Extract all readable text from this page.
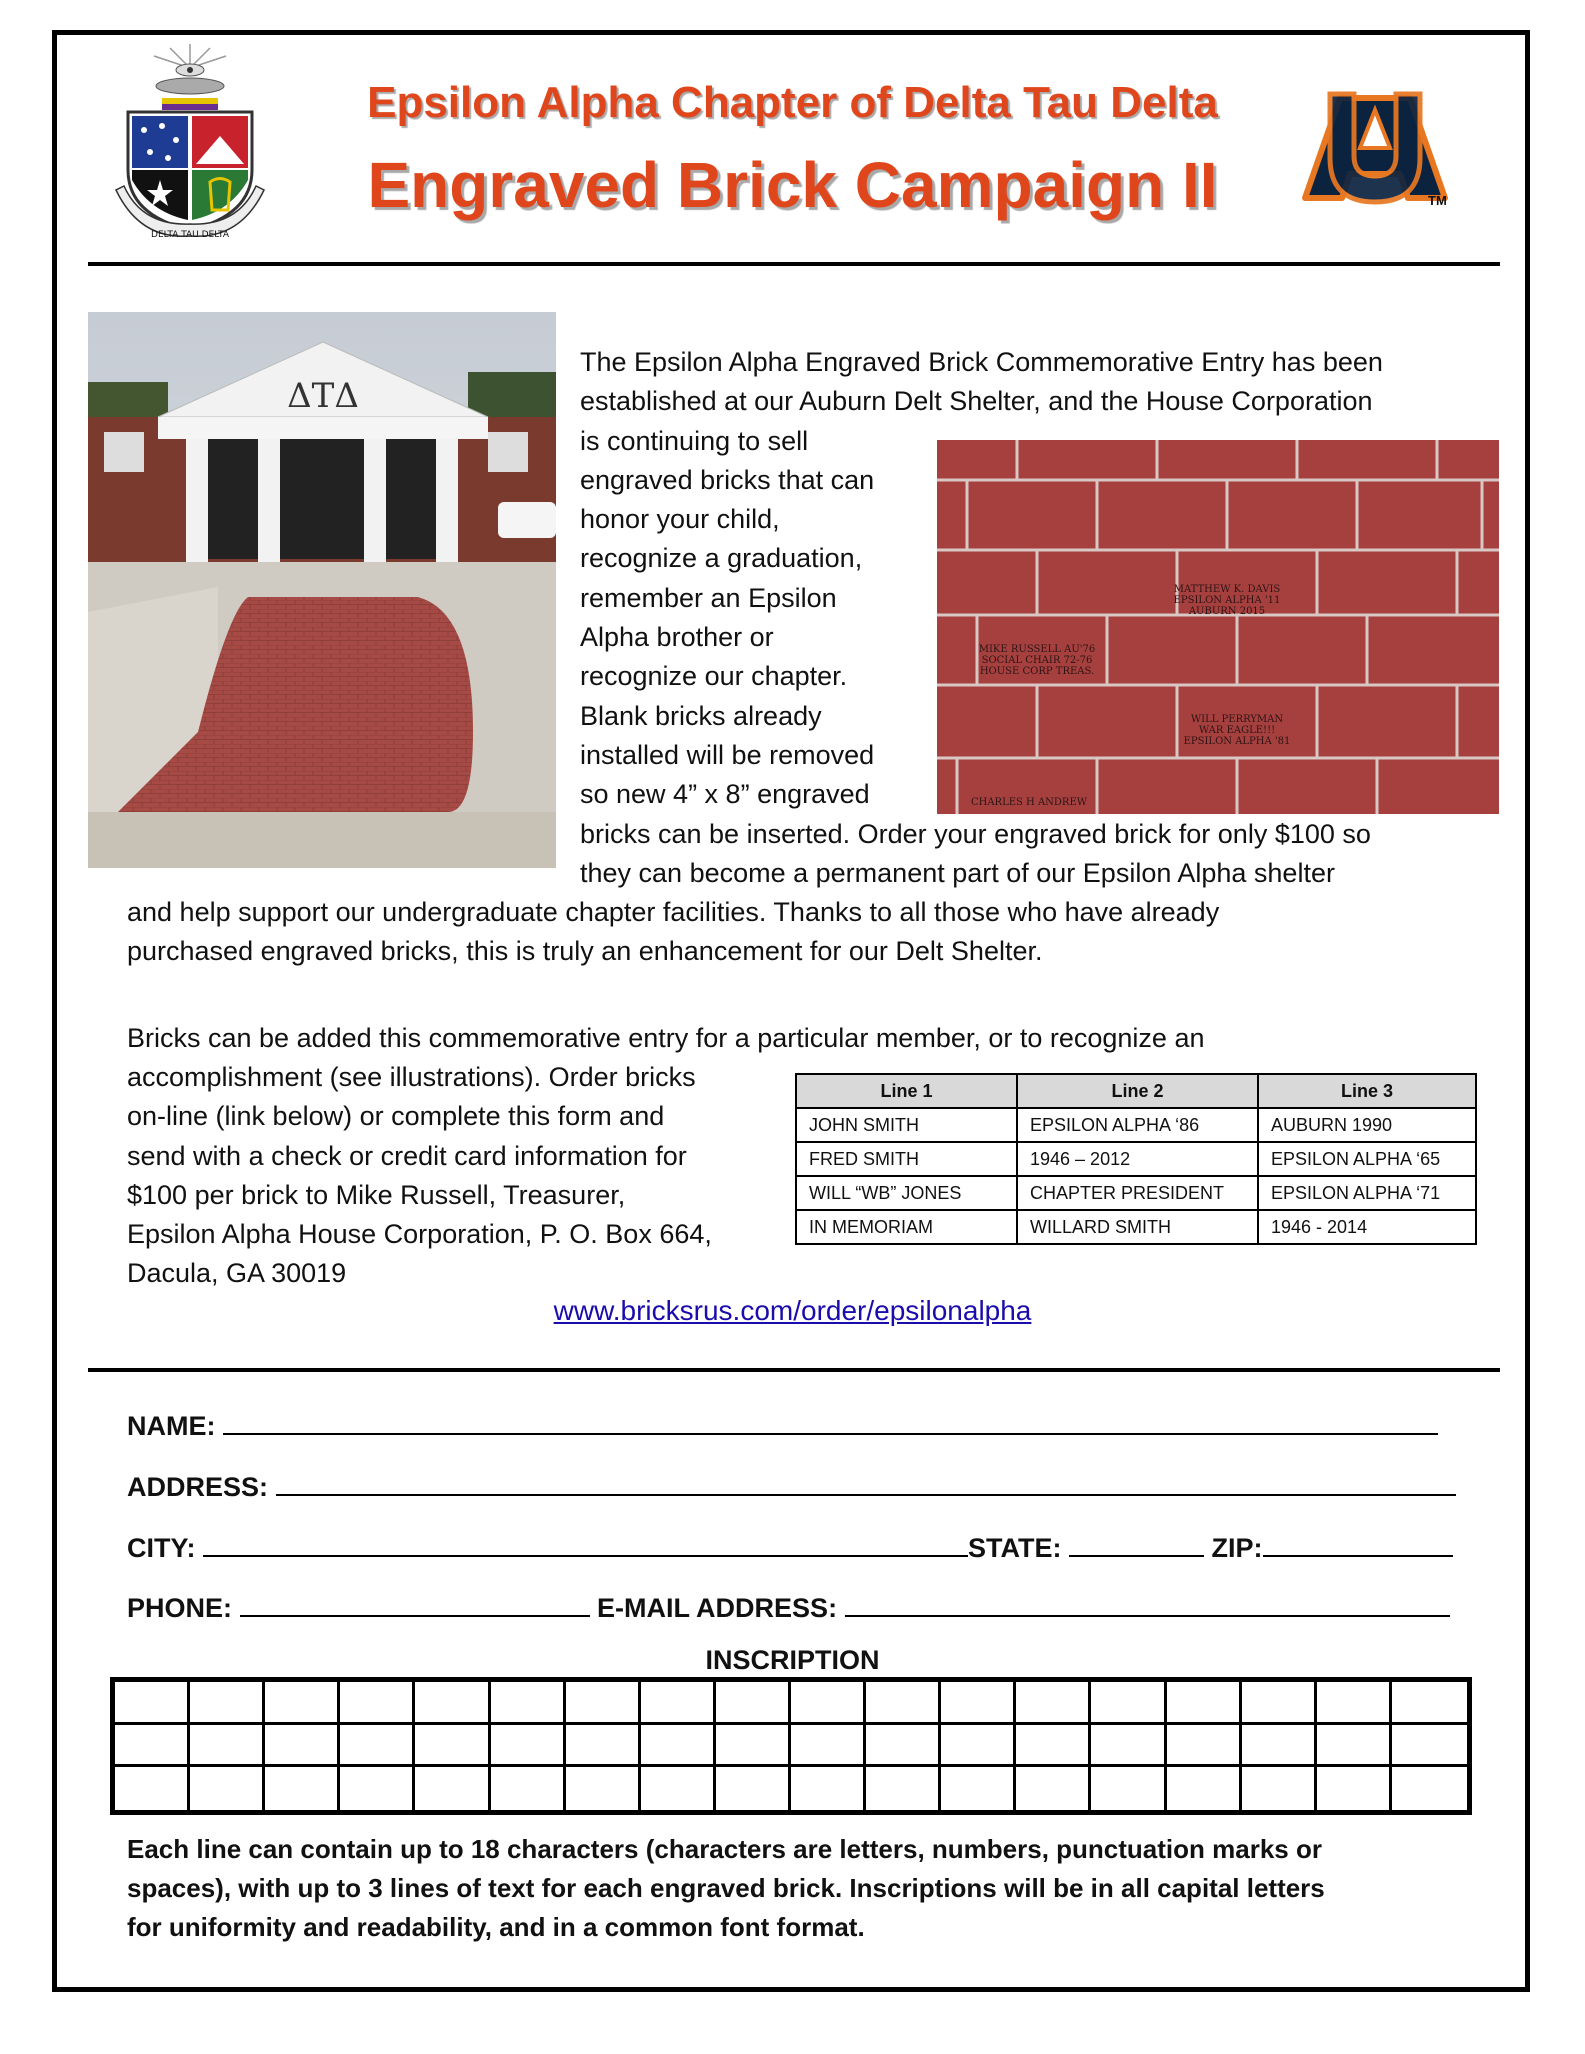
DELTA TAU DELTA
Epsilon Alpha Chapter of Delta Tau Delta
Engraved Brick Campaign II	TM
ΔΤΔ
MATTHEW K. DAVIS
EPSILON ALPHA '11
AUBURN 2015
MIKE RUSSELL AU'76
SOCIAL CHAIR 72-76
HOUSE CORP TREAS.
WILL PERRYMAN
WAR EAGLE!!!
EPSILON ALPHA '81
CHARLES H ANDREW
The Epsilon Alpha Engraved Brick Commemorative Entry has been
established at our Auburn Delt Shelter, and the House Corporation
is continuing to sell
engraved bricks that can
honor your child,
recognize a graduation,
remember an Epsilon
Alpha brother or
recognize our chapter.
Blank bricks already
installed will be removed
so new 4” x 8” engraved
bricks can be inserted. Order your engraved brick for only $100 so
they can become a permanent part of our Epsilon Alpha shelter
and help support our undergraduate chapter facilities. Thanks to all those who have already
purchased engraved bricks, this is truly an enhancement for our Delt Shelter.
Bricks can be added this commemorative entry for a particular member, or to recognize an
accomplishment (see illustrations). Order bricks
on-line (link below) or complete this form and
send with a check or credit card information for
$100 per brick to Mike Russell, Treasurer,
Epsilon Alpha House Corporation, P. O. Box 664,
Dacula, GA 30019
Line 1	Line 2	Line 3
JOHN SMITH	EPSILON ALPHA ‘86	AUBURN 1990
FRED SMITH	1946 – 2012	EPSILON ALPHA ‘65
WILL “WB” JONES	CHAPTER PRESIDENT	EPSILON ALPHA ‘71
IN MEMORIAM	WILLARD SMITH	1946 - 2014
www.bricksrus.com/order/epsilonalpha
NAME:
ADDRESS:
CITY:	STATE:	ZIP:
PHONE:	E-MAIL ADDRESS:
INSCRIPTION
Each line can contain up to 18 characters (characters are letters, numbers, punctuation marks or
spaces), with up to 3 lines of text for each engraved brick. Inscriptions will be in all capital letters
for uniformity and readability, and in a common font format.
